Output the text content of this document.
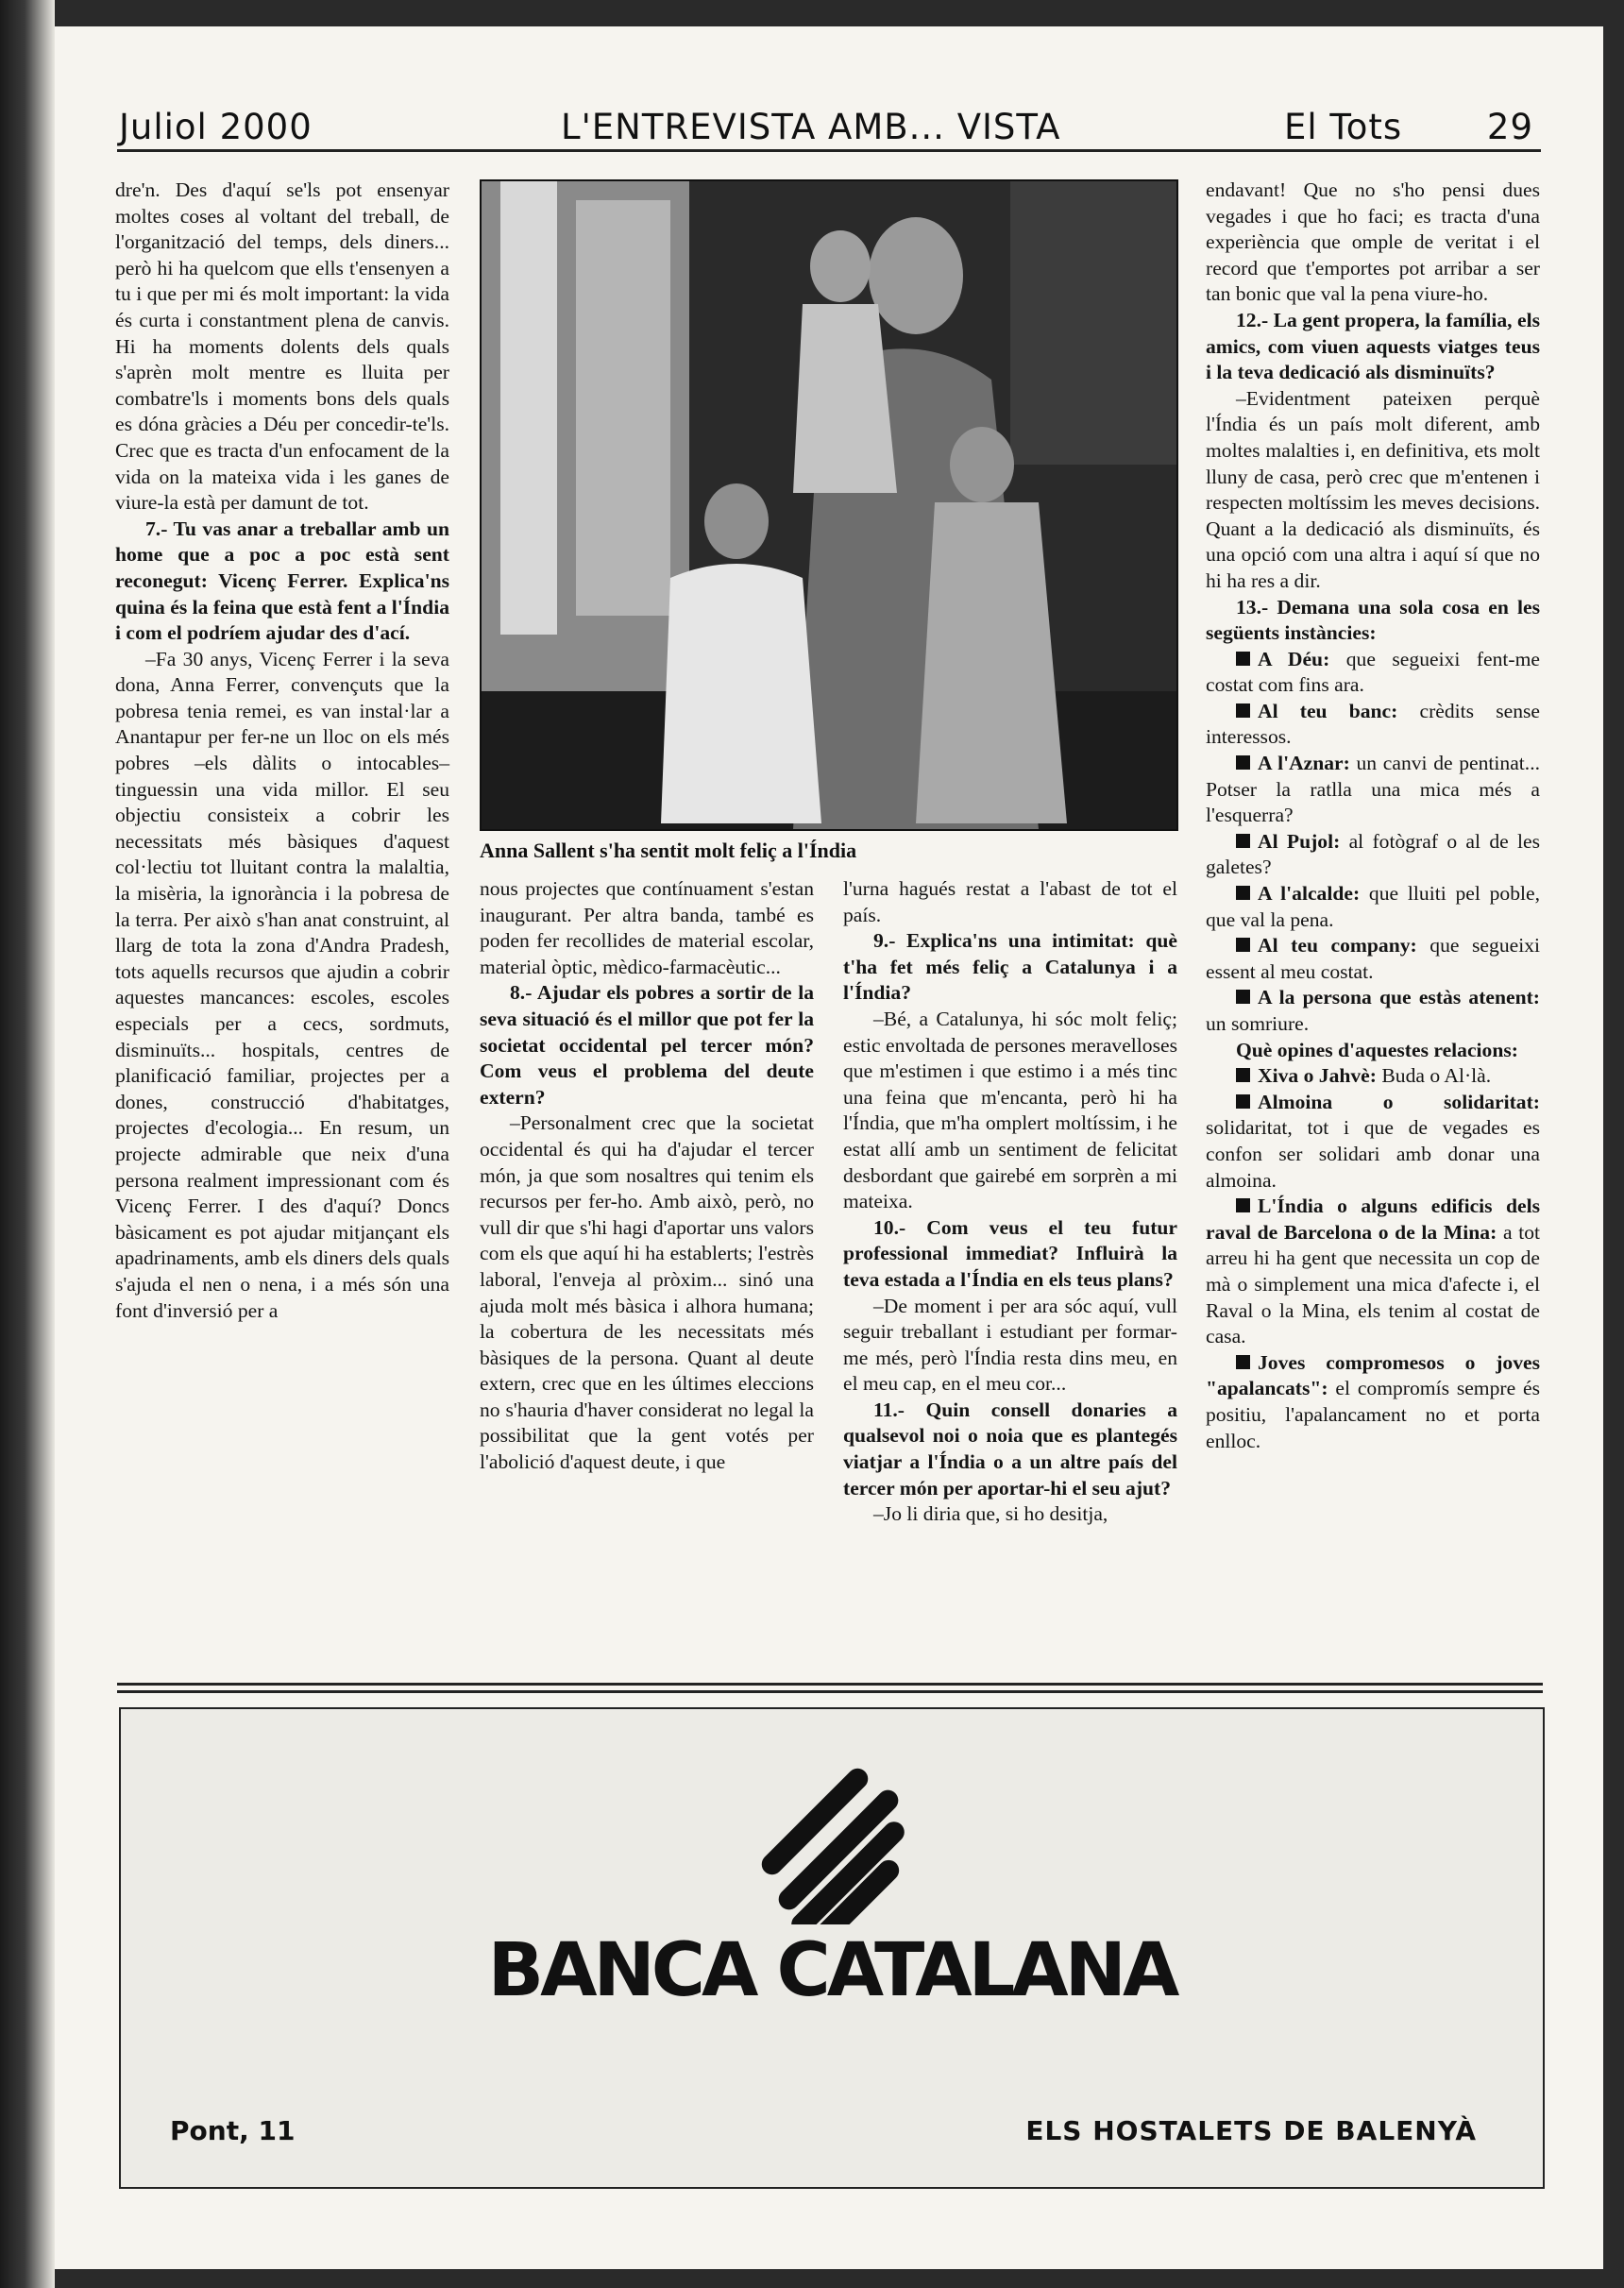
Juliol 2000	L'ENTREVISTA AMB... VISTA	El Tots 29

dre'n. Des d'aquí se'ls pot ensenyar moltes coses al voltant del treball, de l'organització del temps, dels diners... però hi ha quelcom que ells t'ensenyen a tu i que per mi és molt important: la vida és curta i constantment plena de canvis. Hi ha moments dolents dels quals s'aprèn molt mentre es lluita per combatre'ls i moments bons dels quals es dóna gràcies a Déu per concedir-te'ls. Crec que es tracta d'un enfocament de la vida on la mateixa vida i les ganes de viure-la està per damunt de tot.

7.- Tu vas anar a treballar amb un home que a poc a poc està sent reconegut: Vicenç Ferrer. Explica'ns quina és la feina que està fent a l'Índia i com el podríem ajudar des d'ací.

–Fa 30 anys, Vicenç Ferrer i la seva dona, Anna Ferrer, convençuts que la pobresa tenia remei, es van instal·lar a Anantapur per fer-ne un lloc on els més pobres –els dàlits o intocables– tinguessin una vida millor. El seu objectiu consisteix a cobrir les necessitats més bàsiques d'aquest col·lectiu tot lluitant contra la malaltia, la misèria, la ignorància i la pobresa de la terra. Per això s'han anat construint, al llarg de tota la zona d'Andra Pradesh, tots aquells recursos que ajudin a cobrir aquestes mancances: escoles, escoles especials per a cecs, sordmuts, disminuïts... hospitals, centres de planificació familiar, projectes per a dones, construcció d'habitatges, projectes d'ecologia... En resum, un projecte admirable que neix d'una persona realment impressionant com és Vicenç Ferrer. I des d'aquí? Doncs bàsicament es pot ajudar mitjançant els apadrinaments, amb els diners dels quals s'ajuda el nen o nena, i a més són una font d'inversió per a

Anna Sallent s'ha sentit molt feliç a l'Índia

nous projectes que contínuament s'estan inaugurant. Per altra banda, també es poden fer recollides de material escolar, material òptic, mèdico-farmacèutic...

8.- Ajudar els pobres a sortir de la seva situació és el millor que pot fer la societat occidental pel tercer món? Com veus el problema del deute extern?

–Personalment crec que la societat occidental és qui ha d'ajudar el tercer món, ja que som nosaltres qui tenim els recursos per fer-ho. Amb això, però, no vull dir que s'hi hagi d'aportar uns valors com els que aquí hi ha establerts; l'estrès laboral, l'enveja al pròxim... sinó una ajuda molt més bàsica i alhora humana; la cobertura de les necessitats més bàsiques de la persona. Quant al deute extern, crec que en les últimes eleccions no s'hauria d'haver considerat no legal la possibilitat que la gent votés per l'abolició d'aquest deute, i que

l'urna hagués restat a l'abast de tot el país.

9.- Explica'ns una intimitat: què t'ha fet més feliç a Catalunya i a l'Índia?

–Bé, a Catalunya, hi sóc molt feliç; estic envoltada de persones meravelloses que m'estimen i que estimo i a més tinc una feina que m'encanta, però hi ha l'Índia, que m'ha omplert moltíssim, i he estat allí amb un sentiment de felicitat desbordant que gairebé em sorprèn a mi mateixa.

10.- Com veus el teu futur professional immediat? Influirà la teva estada a l'Índia en els teus plans?

–De moment i per ara sóc aquí, vull seguir treballant i estudiant per formar-me més, però l'Índia resta dins meu, en el meu cap, en el meu cor...

11.- Quin consell donaries a qualsevol noi o noia que es plantegés viatjar a l'Índia o a un altre país del tercer món per aportar-hi el seu ajut?

–Jo li diria que, si ho desitja,

endavant! Que no s'ho pensi dues vegades i que ho faci; es tracta d'una experiència que omple de veritat i el record que t'emportes pot arribar a ser tan bonic que val la pena viure-ho.

12.- La gent propera, la família, els amics, com viuen aquests viatges teus i la teva dedicació als disminuïts?

–Evidentment pateixen perquè l'Índia és un país molt diferent, amb moltes malalties i, en definitiva, ets molt lluny de casa, però crec que m'entenen i respecten moltíssim les meves decisions. Quant a la dedicació als disminuïts, és una opció com una altra i aquí sí que no hi ha res a dir.

13.- Demana una sola cosa en les següents instàncies:

A Déu: que segueixi fent-me costat com fins ara.

Al teu banc: crèdits sense interessos.

A l'Aznar: un canvi de pentinat... Potser la ratlla una mica més a l'esquerra?

Al Pujol: al fotògraf o al de les galetes?

A l'alcalde: que lluiti pel poble, que val la pena.

Al teu company: que segueixi essent al meu costat.

A la persona que estàs atenent: un somriure.

Què opines d'aquestes relacions:

Xiva o Jahvè: Buda o Al·là.

Almoina o solidaritat: solidaritat, tot i que de vegades es confon ser solidari amb donar una almoina.

L'Índia o alguns edificis dels raval de Barcelona o de la Mina: a tot arreu hi ha gent que necessita un cop de mà o simplement una mica d'afecte i, el Raval o la Mina, els tenim al costat de casa.

Joves compromesos o joves "apalancats": el compromís sempre és positiu, l'apalancament no et porta enlloc.

BANCA CATALANA
Pont, 11	ELS HOSTALETS DE BALENYÀ
